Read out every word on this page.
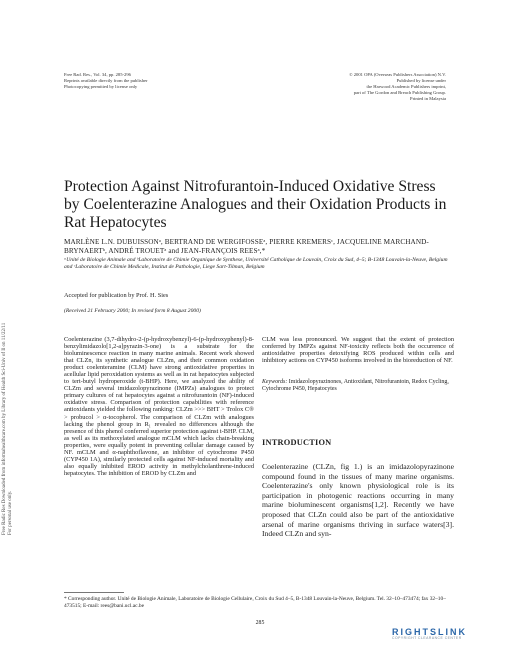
Free Rad. Res., Vol. 34, pp. 285-296
Reprints available directly from the publisher
Photocopying permitted by license only
© 2001 OPA (Overseas Publishers Association) N.V.
Published by license under
the Harwood Academic Publishers imprint,
part of The Gordon and Breach Publishing Group.
Printed in Malaysia
Free Radic Res Downloaded from informahealthcare.com by Library of Health Sci-Univ of Il on 11/22/11 For personal use only.
Protection Against Nitrofurantoin-Induced Oxidative Stress by Coelenterazine Analogues and their Oxidation Products in Rat Hepatocytes
MARLÈNE L.N. DUBUISSONᵃ, BERTRAND DE WERGIFOSSEᵃ, PIERRE KREMERSᶜ, JACQUELINE MARCHAND-BRYNAERTᵇ, ANDRÉ TROUETᵃ and JEAN-FRANÇOIS REESᵃ,*
ᵃUnité de Biologie Animale and ᵇLaboratoire de Chimie Organique de Synthese, Université Catholique de Louvain, Croix du Sud, 4–5; B-1348 Louvain-la-Neuve, Belgium and ᶜLaboratoire de Chimie Medicale, Institut de Pathologie, Liege Sart-Tilman, Belgium
Accepted for publication by Prof. H. Sies
(Received 21 February 2000; In revised form 8 August 2000)
Coelenterazine (3,7-dihydro-2-(p-hydroxybenzyl)-6-(p-hydroxyphenyl)-8-benzylimidazolo[1,2-a]pyrazin-3-one) is a substrate for the bioluminescence reaction in many marine animals. Recent work showed that CLZn, its synthetic analogue CLZm, and their common oxidation product coelenteramine (CLM) have strong antioxidative properties in acellular lipid peroxidation systems as well as in rat hepatocytes subjected to tert-butyl hydroperoxide (t-BHP). Here, we analyzed the ability of CLZm and several imidazolopyrazinone (IMPZs) analogues to protect primary cultures of rat hepatocytes against a nitrofurantoin (NF)-induced oxidative stress. Comparison of protection capabilities with reference antioxidants yielded the following ranking: CLZm >>> BHT > Trolox C® > probucol > α-tocopherol. The comparison of CLZm with analogues lacking the phenol group in R₁ revealed no differences although the presence of this phenol conferred superior protection against t-BHP. CLM, as well as its methoxylated analogue mCLM which lacks chain-breaking properties, were equally potent in preventing cellular damage caused by NF. mCLM and α-naphthoflavone, an inhibitor of cytochrome P450 (CYP450 1A), similarly protected cells against NF-induced mortality and also equally inhibited EROD activity in methylcholanthrene-induced hepatocytes. The inhibition of EROD by CLZm and
CLM was less pronounced. We suggest that the extent of protection conferred by IMPZs against NF-toxicity reflects both the occurrence of antioxidative properties detoxifying ROS produced within cells and inhibitory actions on CYP450 isoforms involved in the bioreduction of NF.
Keywords: Imidazolopyrazinones, Antioxidant, Nitrofurantoin, Redox Cycling, Cytochrome P450, Hepatocytes
INTRODUCTION
Coelenterazine (CLZn, fig 1.) is an imidazolopyrazinone compound found in the tissues of many marine organisms. Coelenterazine's only known physiological role is its participation in photogenic reactions occurring in many marine bioluminescent organisms[1,2]. Recently we have proposed that CLZn could also be part of the antioxidative arsenal of marine organisms thriving in surface waters[3]. Indeed CLZn and syn-
* Corresponding author. Unité de Biologie Animale, Laboratoire de Biologie Cellulaire, Croix du Sud 4–5, B-1348 Louvain-la-Neuve, Belgium. Tel. 32–10–473474; fax 32–10–473515; E-mail: rees@bani.ucl.ac.be
285
RIGHTSLINK
COPYRIGHT CLEARANCE CENTER
